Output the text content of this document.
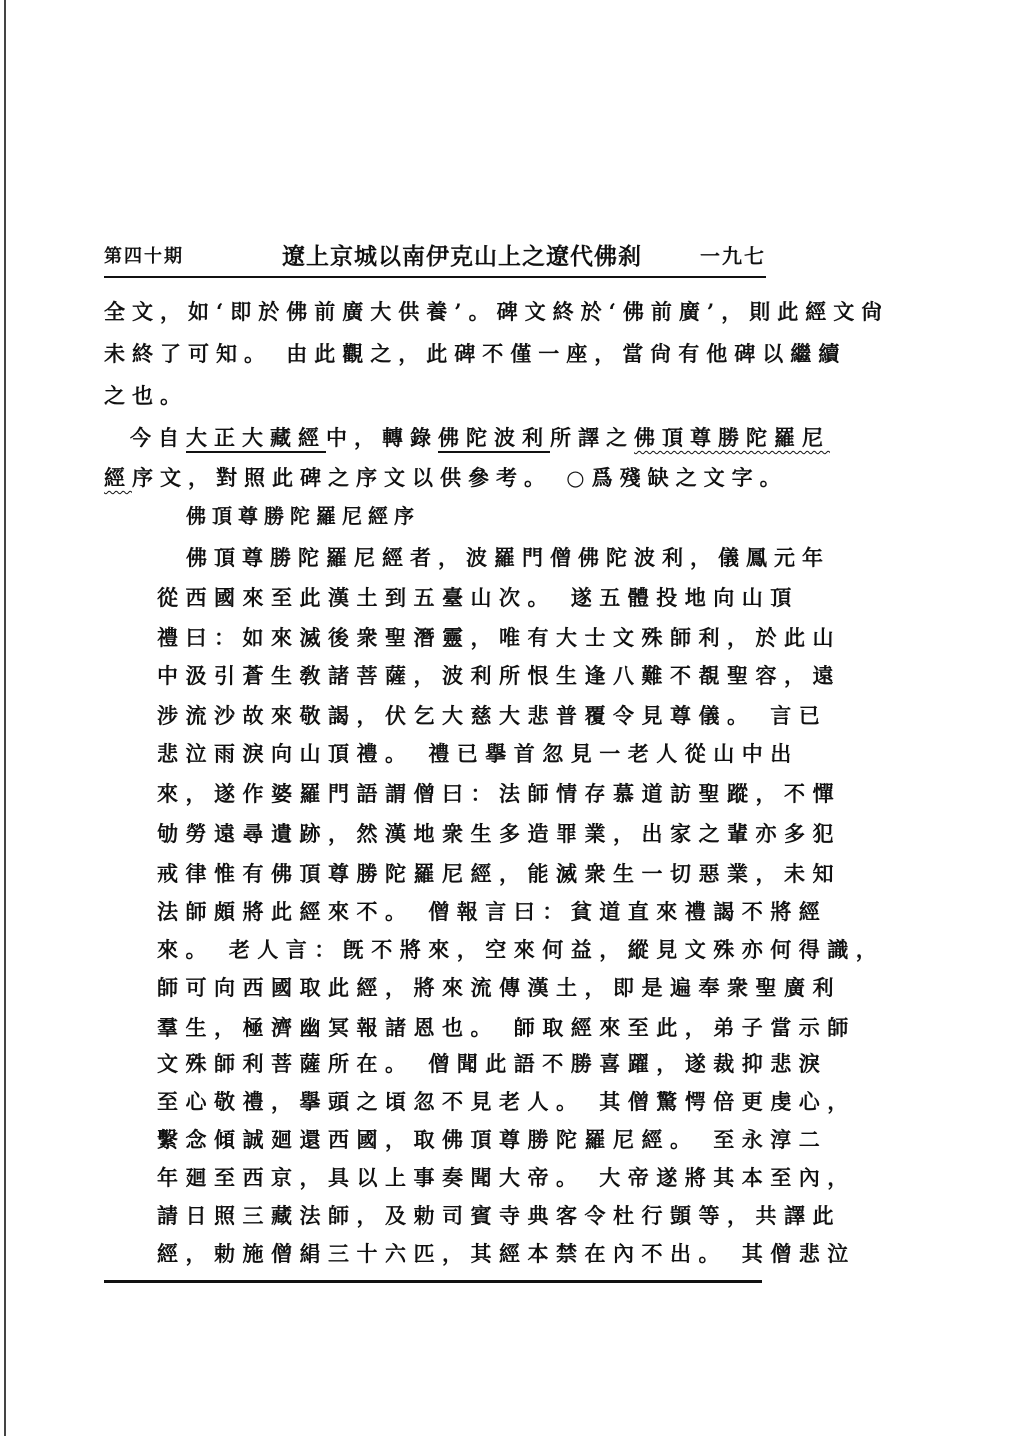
第四十期	遼上京城以南伊克山上之遼代佛刹	一九七
全文，如‘即於佛前廣大供養’。碑文終於‘佛前廣’，則此經文尙
未終了可知。 由此觀之，此碑不僅一座，當尙有他碑以繼續
之也。
今自大正大藏經中，轉錄佛陀波利所譯之佛頂尊勝陀羅尼
經序文，對照此碑之序文以供參考。 ○爲殘缺之文字。
佛頂尊勝陀羅尼經序
佛頂尊勝陀羅尼經者，波羅門僧佛陀波利，儀鳳元年
從西國來至此漢土到五臺山次。 遂五體投地向山頂
禮曰：如來滅後衆聖潛靈，唯有大士文殊師利，於此山
中汲引蒼生敎諸菩薩，波利所恨生逢八難不覩聖容，遠
涉流沙故來敬謁，伏乞大慈大悲普覆令見尊儀。 言已
悲泣雨淚向山頂禮。 禮已擧首忽見一老人從山中出
來，遂作婆羅門語謂僧曰：法師情存慕道訪聖蹤，不憚
劬勞遠尋遺跡，然漢地衆生多造罪業，出家之輩亦多犯
戒律惟有佛頂尊勝陀羅尼經，能滅衆生一切惡業，未知
法師頗將此經來不。 僧報言曰：貧道直來禮謁不將經
來。 老人言：旣不將來，空來何益，縱見文殊亦何得識，
師可向西國取此經，將來流傳漢土，即是遍奉衆聖廣利
羣生，極濟幽冥報諸恩也。 師取經來至此，弟子當示師
文殊師利菩薩所在。 僧聞此語不勝喜躍，遂裁抑悲淚
至心敬禮，擧頭之頃忽不見老人。 其僧驚愕倍更虔心，
繫念傾誠廻還西國，取佛頂尊勝陀羅尼經。 至永淳二
年廻至西京，具以上事奏聞大帝。 大帝遂將其本至內，
請日照三藏法師，及勅司賓寺典客令杜行顗等，共譯此
經，勅施僧絹三十六匹，其經本禁在內不出。 其僧悲泣
